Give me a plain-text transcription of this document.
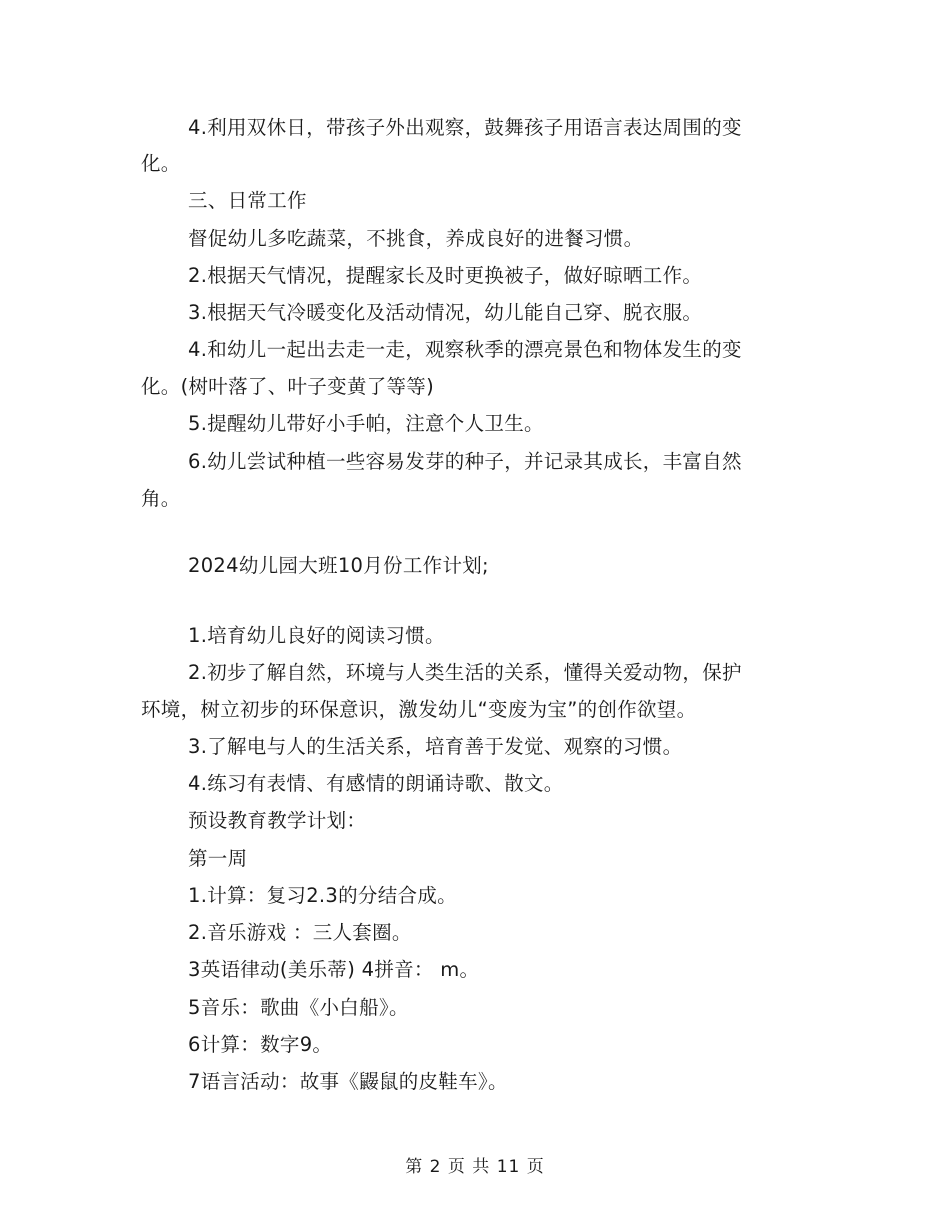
4.利用双休日，带孩子外出观察，鼓舞孩子用语言表达周围的变
化。
三、日常工作
督促幼儿多吃蔬菜，不挑食，养成良好的进餐习惯。
2.根据天气情况，提醒家长及时更换被子，做好晾晒工作。
3.根据天气冷暖变化及活动情况，幼儿能自己穿、脱衣服。
4.和幼儿一起出去走一走，观察秋季的漂亮景色和物体发生的变
化。(树叶落了、叶子变黄了等等)
5.提醒幼儿带好小手帕，注意个人卫生。
6.幼儿尝试种植一些容易发芽的种子，并记录其成长，丰富自然
角。
2024幼儿园大班10月份工作计划;
1.培育幼儿良好的阅读习惯。
2.初步了解自然，环境与人类生活的关系，懂得关爱动物，保护
环境，树立初步的环保意识，激发幼儿“变废为宝”的创作欲望。
3.了解电与人的生活关系，培育善于发觉、观察的习惯。
4.练习有表情、有感情的朗诵诗歌、散文。
预设教育教学计划：
第一周
1.计算：复习2.3的分结合成。
2.音乐游戏 ：三人套圈。
3英语律动(美乐蒂) 4拼音： m。
5音乐：歌曲《小白船》。
6计算：数字9。
7语言活动：故事《鼹鼠的皮鞋车》。
第 2 页 共 11 页
